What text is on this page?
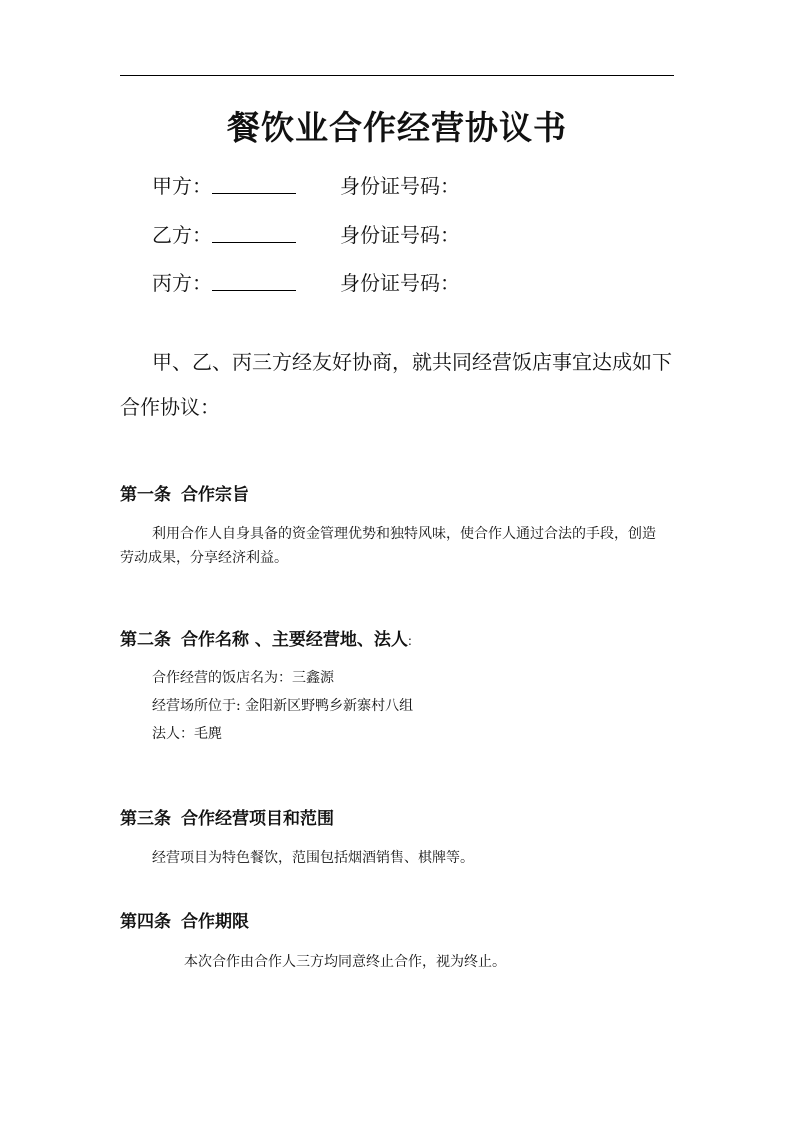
餐饮业合作经营协议书
甲方：	身份证号码：
乙方：	身份证号码：
丙方：	身份证号码：
甲、乙、丙三方经友好协商，就共同经营饭店事宜达成如下合作协议：
第一条 合作宗旨
利用合作人自身具备的资金管理优势和独特风味，使合作人通过合法的手段，创造劳动成果，分享经济利益。
第二条 合作名称 、主要经营地、法人:
合作经营的饭店名为：三鑫源
经营场所位于: 金阳新区野鸭乡新寨村八组
法人：毛麂
第三条 合作经营项目和范围
经营项目为特色餐饮，范围包括烟酒销售、棋牌等。
第四条 合作期限
本次合作由合作人三方均同意终止合作，视为终止。
